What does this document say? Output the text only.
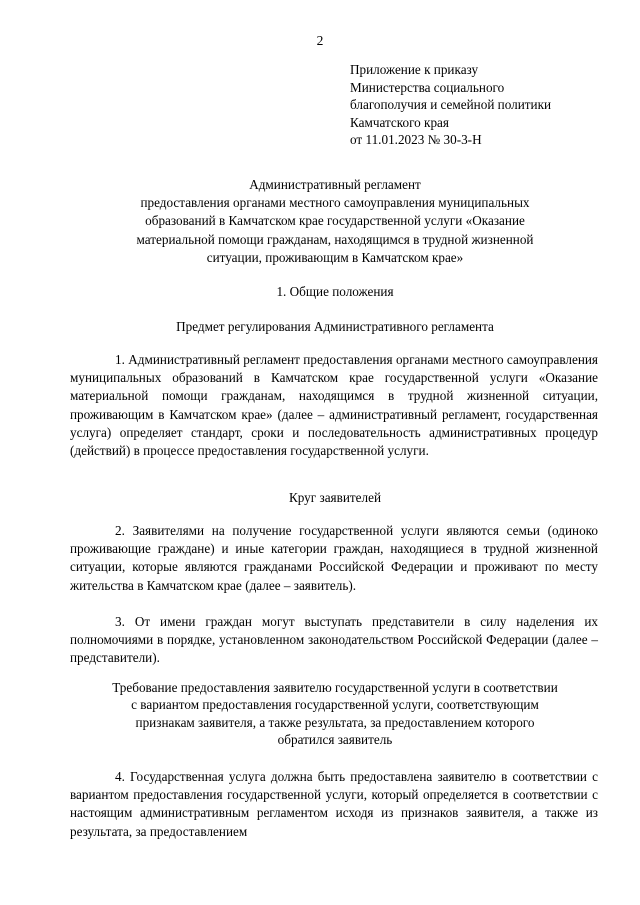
2
Приложение к приказу
Министерства социального
благополучия и семейной политики
Камчатского края
от 11.01.2023 № 30-3-Н
Административный регламент
предоставления органами местного самоуправления муниципальных
образований в Камчатском крае государственной услуги «Оказание
материальной помощи гражданам, находящимся в трудной жизненной
ситуации, проживающим в Камчатском крае»
1. Общие положения
Предмет регулирования Административного регламента
1. Административный регламент предоставления органами местного самоуправления муниципальных образований в Камчатском крае государственной услуги «Оказание материальной помощи гражданам, находящимся в трудной жизненной ситуации, проживающим в Камчатском крае» (далее – административный регламент, государственная услуга) определяет стандарт, сроки и последовательность административных процедур (действий) в процессе предоставления государственной услуги.
Круг заявителей
2. Заявителями на получение государственной услуги являются семьи (одиноко проживающие граждане) и иные категории граждан, находящиеся в трудной жизненной ситуации, которые являются гражданами Российской Федерации и проживают по месту жительства в Камчатском крае (далее – заявитель).
3. От имени граждан могут выступать представители в силу наделения их полномочиями в порядке, установленном законодательством Российской Федерации (далее – представители).
Требование предоставления заявителю государственной услуги в соответствии
с вариантом предоставления государственной услуги, соответствующим
признакам заявителя, а также результата, за предоставлением которого
обратился заявитель
4. Государственная услуга должна быть предоставлена заявителю в соответствии с вариантом предоставления государственной услуги, который определяется в соответствии с настоящим административным регламентом исходя из признаков заявителя, а также из результата, за предоставлением
